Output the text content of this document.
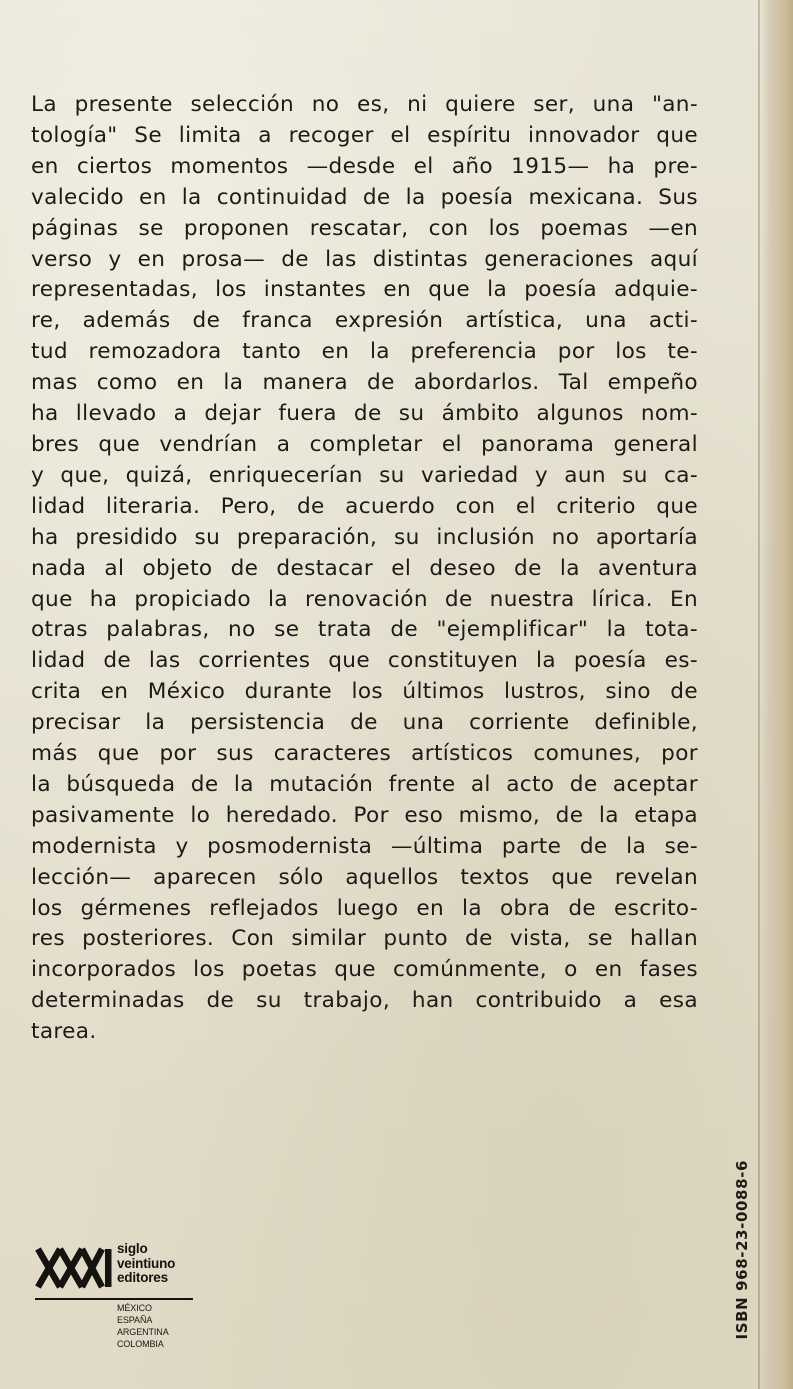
La presente selección no es, ni quiere ser, una "an-
tología" Se limita a recoger el espíritu innovador que
en ciertos momentos —desde el año 1915— ha pre-
valecido en la continuidad de la poesía mexicana. Sus
páginas se proponen rescatar, con los poemas —en
verso y en prosa— de las distintas generaciones aquí
representadas, los instantes en que la poesía adquie-
re, además de franca expresión artística, una acti-
tud remozadora tanto en la preferencia por los te-
mas como en la manera de abordarlos. Tal empeño
ha llevado a dejar fuera de su ámbito algunos nom-
bres que vendrían a completar el panorama general
y que, quizá, enriquecerían su variedad y aun su ca-
lidad literaria. Pero, de acuerdo con el criterio que
ha presidido su preparación, su inclusión no aportaría
nada al objeto de destacar el deseo de la aventura
que ha propiciado la renovación de nuestra lírica. En
otras palabras, no se trata de "ejemplificar" la tota-
lidad de las corrientes que constituyen la poesía es-
crita en México durante los últimos lustros, sino de
precisar la persistencia de una corriente definible,
más que por sus caracteres artísticos comunes, por
la búsqueda de la mutación frente al acto de aceptar
pasivamente lo heredado. Por eso mismo, de la etapa
modernista y posmodernista —última parte de la se-
lección— aparecen sólo aquellos textos que revelan
los gérmenes reflejados luego en la obra de escrito-
res posteriores. Con similar punto de vista, se hallan
incorporados los poetas que comúnmente, o en fases
determinadas de su trabajo, han contribuido a esa
tarea.

ISBN 968-23-0088-6
siglo
veintiuno
editores
MÉXICO
ESPAÑA
ARGENTINA
COLOMBIA
